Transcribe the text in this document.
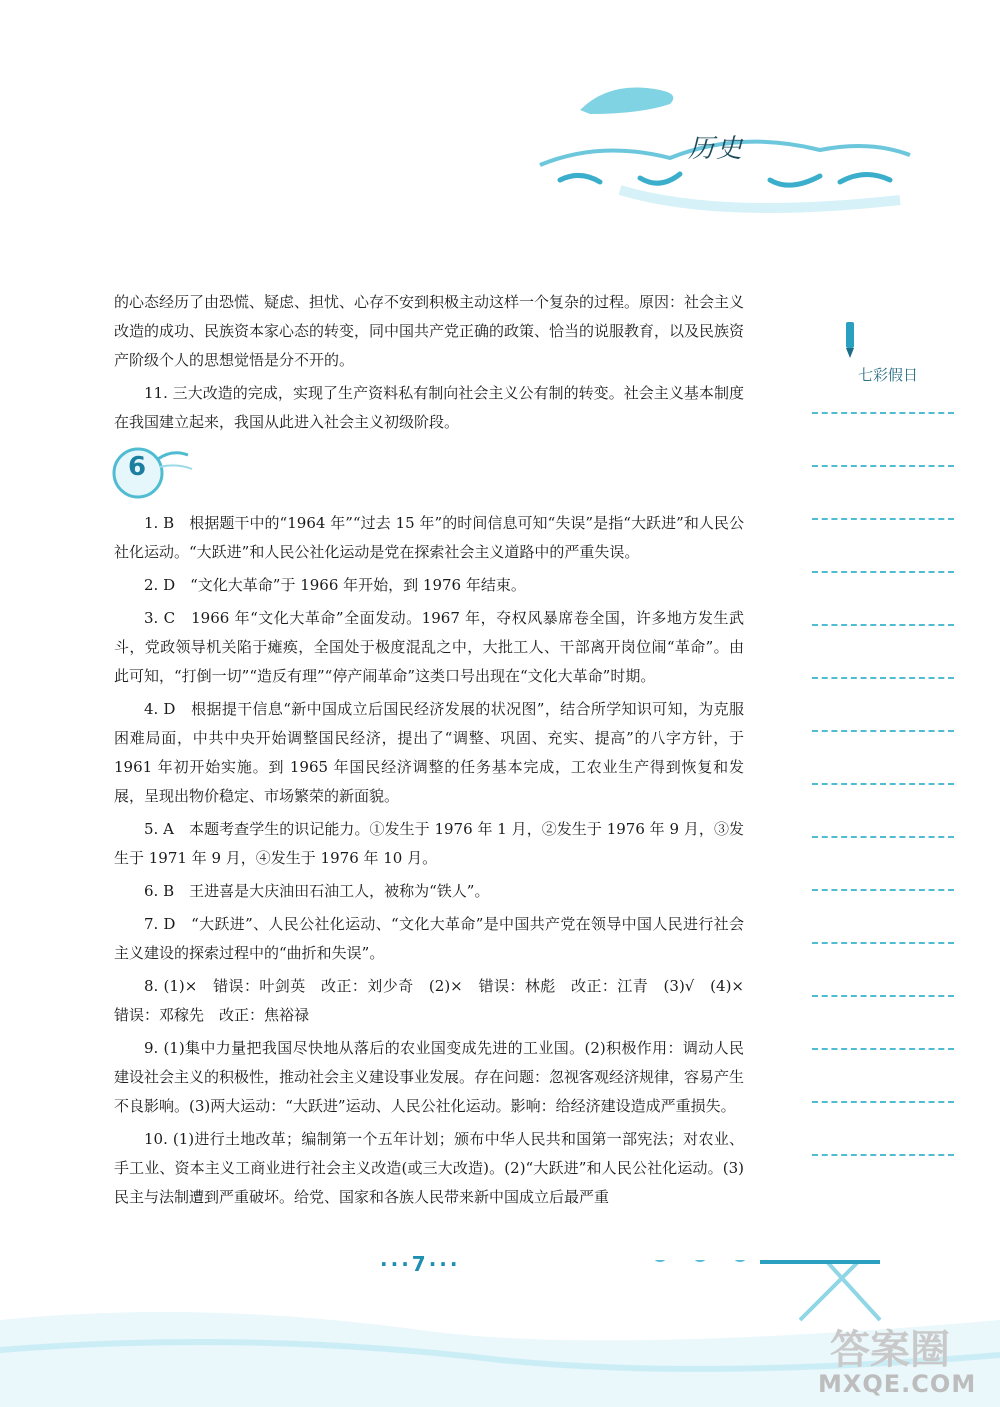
历史
七彩假日

的心态经历了由恐慌、疑虑、担忧、心存不安到积极主动这样一个复杂的过程。原因：社会主义改造的成功、民族资本家心态的转变，同中国共产党正确的政策、恰当的说服教育，以及民族资产阶级个人的思想觉悟是分不开的。

11. 三大改造的完成，实现了生产资料私有制向社会主义公有制的转变。社会主义基本制度在我国建立起来，我国从此进入社会主义初级阶段。

6

1. B　根据题干中的“1964 年”“过去 15 年”的时间信息可知“失误”是指“大跃进”和人民公社化运动。“大跃进”和人民公社化运动是党在探索社会主义道路中的严重失误。

2. D　“文化大革命”于 1966 年开始，到 1976 年结束。

3. C　1966 年“文化大革命”全面发动。1967 年，夺权风暴席卷全国，许多地方发生武斗，党政领导机关陷于瘫痪，全国处于极度混乱之中，大批工人、干部离开岗位闹“革命”。由此可知，“打倒一切”“造反有理”“停产闹革命”这类口号出现在“文化大革命”时期。

4. D　根据提干信息“新中国成立后国民经济发展的状况图”，结合所学知识可知，为克服困难局面，中共中央开始调整国民经济，提出了“调整、巩固、充实、提高”的八字方针，于 1961 年初开始实施。到 1965 年国民经济调整的任务基本完成，工农业生产得到恢复和发展，呈现出物价稳定、市场繁荣的新面貌。

5. A　本题考查学生的识记能力。①发生于 1976 年 1 月，②发生于 1976 年 9 月，③发生于 1971 年 9 月，④发生于 1976 年 10 月。

6. B　王进喜是大庆油田石油工人，被称为“铁人”。

7. D　“大跃进”、人民公社化运动、“文化大革命”是中国共产党在领导中国人民进行社会主义建设的探索过程中的“曲折和失误”。

8. (1)×　错误：叶剑英　改正：刘少奇　(2)×　错误：林彪　改正：江青　(3)√　(4)×　错误：邓稼先　改正：焦裕禄

9. (1)集中力量把我国尽快地从落后的农业国变成先进的工业国。(2)积极作用：调动人民建设社会主义的积极性，推动社会主义建设事业发展。存在问题：忽视客观经济规律，容易产生不良影响。(3)两大运动：“大跃进”运动、人民公社化运动。影响：给经济建设造成严重损失。

10. (1)进行土地改革；编制第一个五年计划；颁布中华人民共和国第一部宪法；对农业、手工业、资本主义工商业进行社会主义改造(或三大改造)。(2)“大跃进”和人民公社化运动。(3)民主与法制遭到严重破坏。给党、国家和各族人民带来新中国成立后最严重

···7···
答案圈
MXQE.COM
